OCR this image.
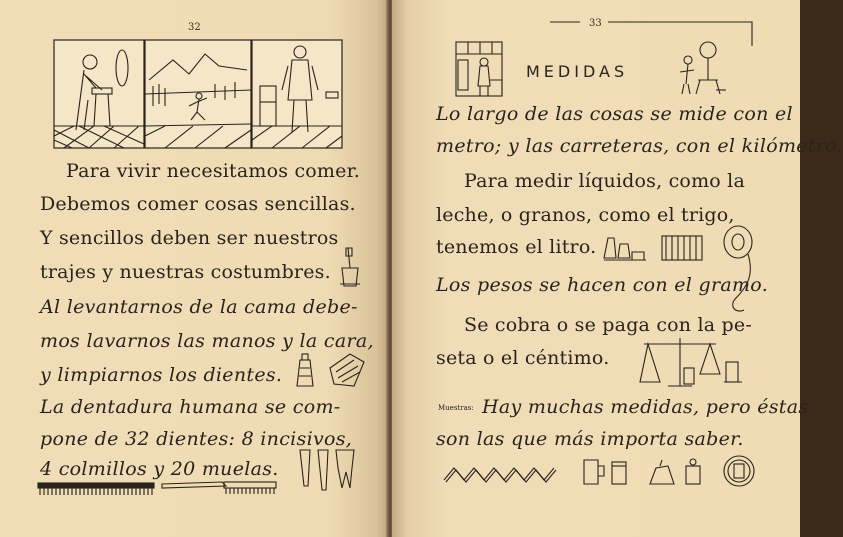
32
Para vivir necesitamos comer.
Debemos comer cosas sencillas.
Y sencillos deben ser nuestros
trajes y nuestras costumbres.
Al levantarnos de la cama debe-
mos lavarnos las manos y la cara,
y limpiarnos los dientes.
La dentadura humana se com-
pone de 32 dientes: 8 incisivos,
4 colmillos y 20 muelas.
33
MEDIDAS
Lo largo de las cosas se mide con el
metro; y las carreteras, con el kilómetro.
Para medir líquidos, como la
leche, o granos, como el trigo,
tenemos el litro.
Los pesos se hacen con el gramo.
Se cobra o se paga con la pe-
seta o el céntimo.
Muestras: Hay muchas medidas, pero éstas
son las que más importa saber.
